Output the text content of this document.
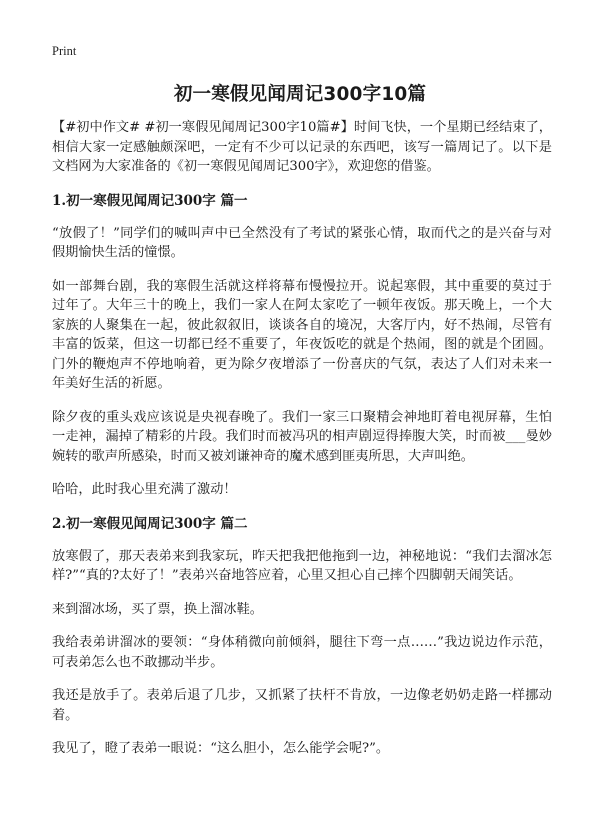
Print
初一寒假见闻周记300字10篇

【#初中作文# #初一寒假见闻周记300字10篇#】时间飞快，一个星期已经结束了，相信大家一定感触颇深吧，一定有不少可以记录的东西吧，该写一篇周记了。以下是文档网为大家准备的《初一寒假见闻周记300字》，欢迎您的借鉴。

1.初一寒假见闻周记300字 篇一

“放假了！”同学们的喊叫声中已全然没有了考试的紧张心情，取而代之的是兴奋与对假期愉快生活的憧憬。

如一部舞台剧，我的寒假生活就这样将幕布慢慢拉开。说起寒假，其中重要的莫过于过年了。大年三十的晚上，我们一家人在阿太家吃了一顿年夜饭。那天晚上，一个大家族的人聚集在一起，彼此叙叙旧，谈谈各自的境况，大客厅内，好不热闹，尽管有丰富的饭菜，但这一切都已经不重要了，年夜饭吃的就是个热闹，图的就是个团圆。门外的鞭炮声不停地响着，更为除夕夜增添了一份喜庆的气氛，表达了人们对未来一年美好生活的祈愿。

除夕夜的重头戏应该说是央视春晚了。我们一家三口聚精会神地盯着电视屏幕，生怕一走神，漏掉了精彩的片段。我们时而被冯巩的相声剧逗得捧腹大笑，时而被___曼妙婉转的歌声所感染，时而又被刘谦神奇的魔术感到匪夷所思，大声叫绝。

哈哈，此时我心里充满了激动！

2.初一寒假见闻周记300字 篇二

放寒假了，那天表弟来到我家玩，昨天把我把他拖到一边，神秘地说：“我们去溜冰怎样?”“真的?太好了！”表弟兴奋地答应着，心里又担心自己摔个四脚朝天闹笑话。

来到溜冰场，买了票，换上溜冰鞋。

我给表弟讲溜冰的要领：“身体稍微向前倾斜，腿往下弯一点……”我边说边作示范，可表弟怎么也不敢挪动半步。

我还是放手了。表弟后退了几步，又抓紧了扶杆不肯放，一边像老奶奶走路一样挪动着。

我见了，瞪了表弟一眼说：“这么胆小，怎么能学会呢?”。
